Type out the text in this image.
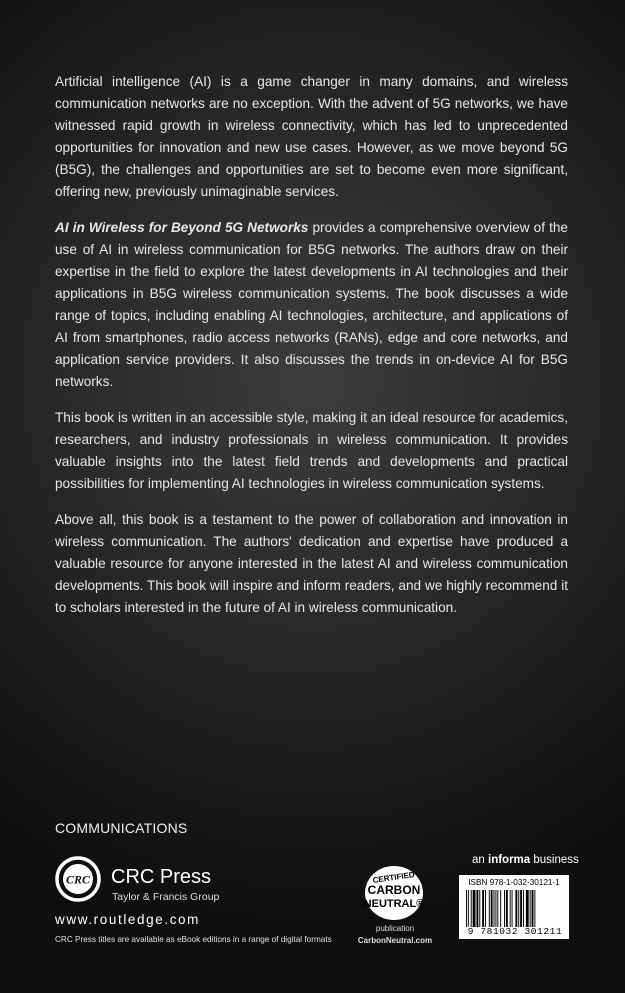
Artificial intelligence (AI) is a game changer in many domains, and wireless communication networks are no exception. With the advent of 5G networks, we have witnessed rapid growth in wireless connectivity, which has led to unprecedented opportunities for innovation and new use cases. However, as we move beyond 5G (B5G), the challenges and opportunities are set to become even more significant, offering new, previously unimaginable services.

AI in Wireless for Beyond 5G Networks provides a comprehensive overview of the use of AI in wireless communication for B5G networks. The authors draw on their expertise in the field to explore the latest developments in AI technologies and their applications in B5G wireless communication systems. The book discusses a wide range of topics, including enabling AI technologies, architecture, and applications of AI from smartphones, radio access networks (RANs), edge and core networks, and application service providers. It also discusses the trends in on-device AI for B5G networks.

This book is written in an accessible style, making it an ideal resource for academics, researchers, and industry professionals in wireless communication. It provides valuable insights into the latest field trends and developments and practical possibilities for implementing AI technologies in wireless communication systems.

Above all, this book is a testament to the power of collaboration and innovation in wireless communication. The authors' dedication and expertise have produced a valuable resource for anyone interested in the latest AI and wireless communication developments. This book will inspire and inform readers, and we highly recommend it to scholars interested in the future of AI in wireless communication.

COMMUNICATIONS
CRC CRC Press
Taylor & Francis Group
www.routledge.com
CRC Press titles are available as eBook editions in a range of digital formats
CERTIFIED
CARBON
NEUTRAL®
publication
CarbonNeutral.com
an informa business
ISBN 978-1-032-30121-1
9 781032 301211
